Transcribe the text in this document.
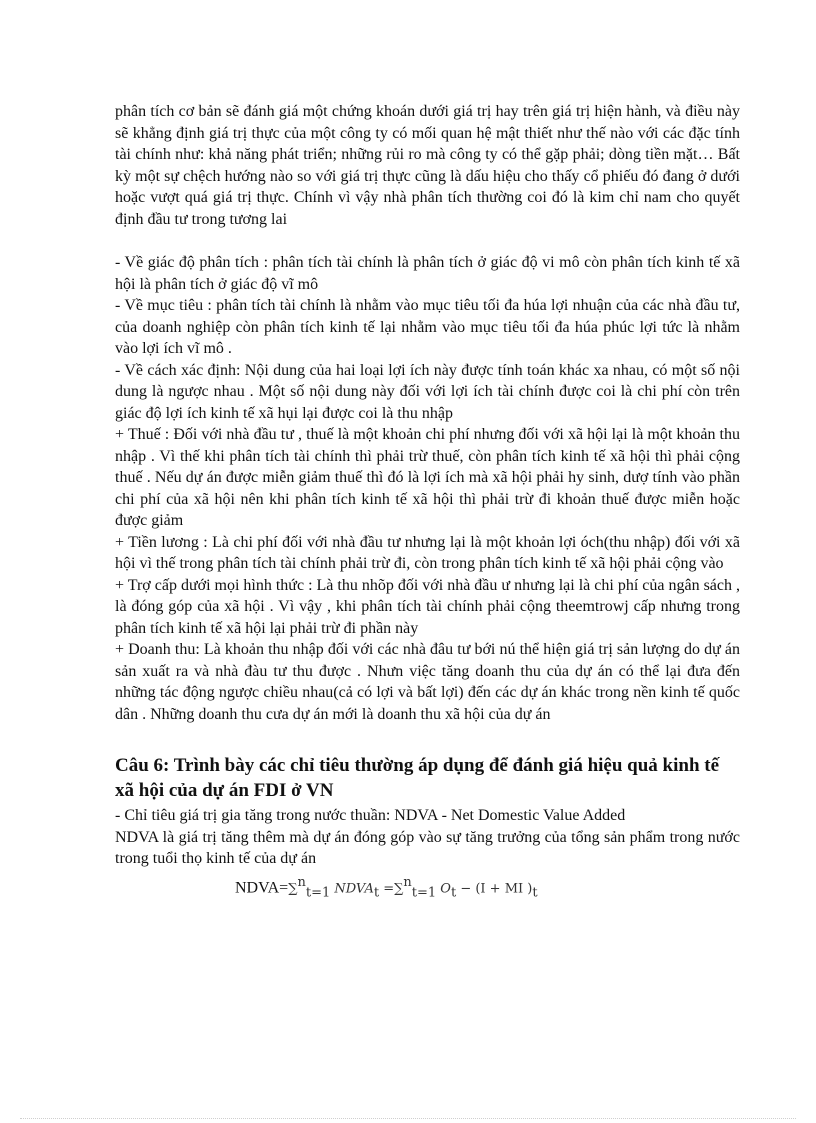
phân tích cơ bản sẽ đánh giá một chứng khoán dưới giá trị hay trên giá trị hiện hành, và điều này sẽ khẳng định giá trị thực của một công ty có mối quan hệ mật thiết như thế nào với các đặc tính tài chính như: khả năng phát triển; những rủi ro mà công ty có thể gặp phải; dòng tiền mặt… Bất kỳ một sự chệch hướng nào so với giá trị thực cũng là dấu hiệu cho thấy cổ phiếu đó đang ở dưới hoặc vượt quá giá trị thực. Chính vì vậy nhà phân tích thường coi đó là kim chỉ nam cho quyết định đầu tư trong tương lai

- Về giác độ phân tích : phân tích tài chính là phân tích ở giác độ vi mô còn phân tích kinh tế xã hội là phân tích ở giác độ vĩ mô

- Về mục tiêu : phân tích tài chính là nhằm vào mục tiêu tối đa húa lợi nhuận của các nhà đầu tư, của doanh nghiệp còn phân tích kinh tế lại nhằm vào mục tiêu tối đa húa phúc lợi tức là nhằm vào lợi ích vĩ mô .

- Về cách xác định: Nội dung của hai loại lợi ích này được tính toán khác xa nhau, có một số nội dung là ngược nhau . Một số nội dung này đối với lợi ích tài chính được coi là chi phí còn trên giác độ lợi ích kinh tế xã hụi lại được coi là thu nhập

+ Thuế : Đối với nhà đầu tư , thuế là một khoản chi phí nhưng đối với xã hội lại là một khoản thu nhập . Vì thế khi phân tích tài chính thì phải trừ thuế, còn phân tích kinh tế xã hội thì phải cộng thuế . Nếu dự án được miễn giảm thuế thì đó là lợi ích mà xã hội phải hy sinh, dượ tính vào phần chi phí của xã hội nên khi phân tích kinh tế xã hội thì phải trừ đi khoản thuế được miễn hoặc được giảm

+ Tiền lương : Là chi phí đối với nhà đầu tư nhưng lại là một khoản lợi óch(thu nhập) đối với xã hội vì thế trong phân tích tài chính phải trừ đi, còn trong phân tích kinh tế xã hội phải cộng vào

+ Trợ cấp dưới mọi hình thức : Là thu nhõp đối với nhà đầu ư nhưng lại là chi phí của ngân sách , là đóng góp của xã hội . Vì vậy , khi phân tích tài chính phải cộng theemtrowj cấp nhưng trong phân tích kinh tế xã hội lại phải trừ đi phần này

+ Doanh thu: Là khoản thu nhập đối với các nhà đâu tư bới nú thể hiện giá trị sản lượng do dự án sản xuất ra và nhà đàu tư thu được . Nhưn việc tăng doanh thu của dự án có thể lại đưa đến những tác động ngược chiều nhau(cả có lợi và bất lợi) đến các dự án khác trong nền kinh tế quốc dân . Những doanh thu cưa dự án mới là doanh thu xã hội của dự án

Câu 6: Trình bày các chỉ tiêu thường áp dụng để đánh giá hiệu quả kinh tế xã hội của dự án FDI ở VN

- Chỉ tiêu giá trị gia tăng trong nước thuần: NDVA - Net Domestic Value Added

NDVA là giá trị tăng thêm mà dự án đóng góp vào sự tăng trưởng của tổng sản phẩm trong nước trong tuổi thọ kinh tế của dự án

NDVA=∑$^n_{t=1}$ $NDVA_t =\sum^n_{t=1}$ $O_t - (I$ + MI )$_t$
